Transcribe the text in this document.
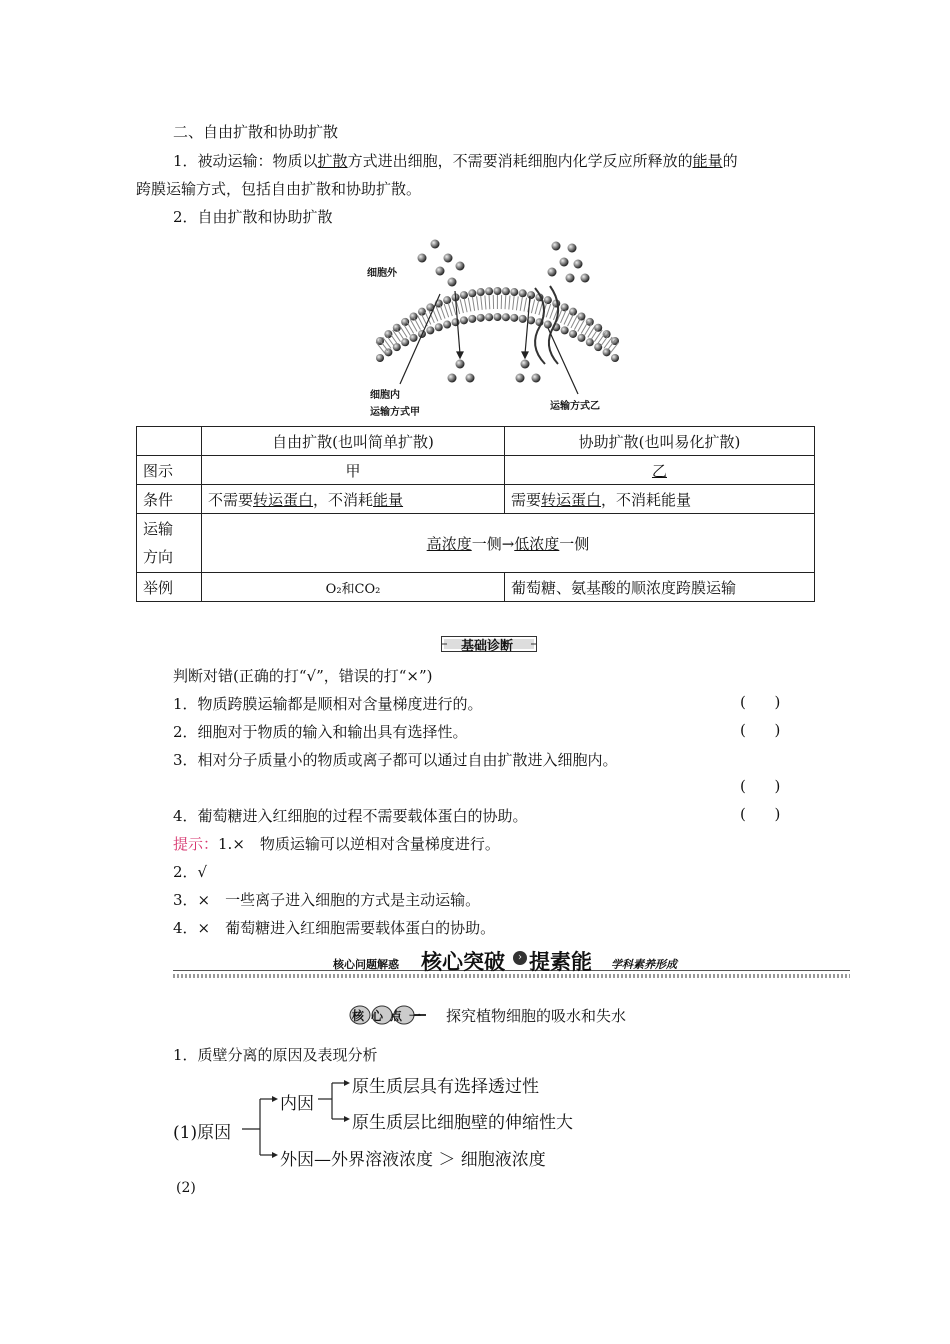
二、自由扩散和协助扩散
1．被动运输：物质以扩散方式进出细胞，不需要消耗细胞内化学反应所释放的能量的
跨膜运输方式，包括自由扩散和协助扩散。
2．自由扩散和协助扩散
细胞外
细胞内
运输方式甲
运输方式乙
	自由扩散(也叫简单扩散)	协助扩散(也叫易化扩散)
图示	甲	乙
条件	不需要转运蛋白，不消耗能量	需要转运蛋白，不消耗能量
运输
方向	高浓度一侧→低浓度一侧	
举例	O₂和CO₂	葡萄糖、氨基酸的顺浓度跨膜运输
基础诊断
判断对错(正确的打“√”，错误的打“×”)
1．物质跨膜运输都是顺相对含量梯度进行的。	(      )
2．细胞对于物质的输入和输出具有选择性。	(      )
3．相对分子质量小的物质或离子都可以通过自由扩散进入细胞内。
(      )
4．葡萄糖进入红细胞的过程不需要载体蛋白的协助。	(      )
提示：1.×　物质运输可以逆相对含量梯度进行。
2．√
3．×　一些离子进入细胞的方式是主动运输。
4．×　葡萄糖进入红细胞需要载体蛋白的协助。
核心问题解惑 核心突破	› 提素能 学科素养形成
核心点一 探究植物细胞的吸水和失水
1．质壁分离的原因及表现分析
(1)原因
内因
原生质层具有选择透过性
原生质层比细胞壁的伸缩性大
外因—外界溶液浓度 ＞ 细胞液浓度
(2)
